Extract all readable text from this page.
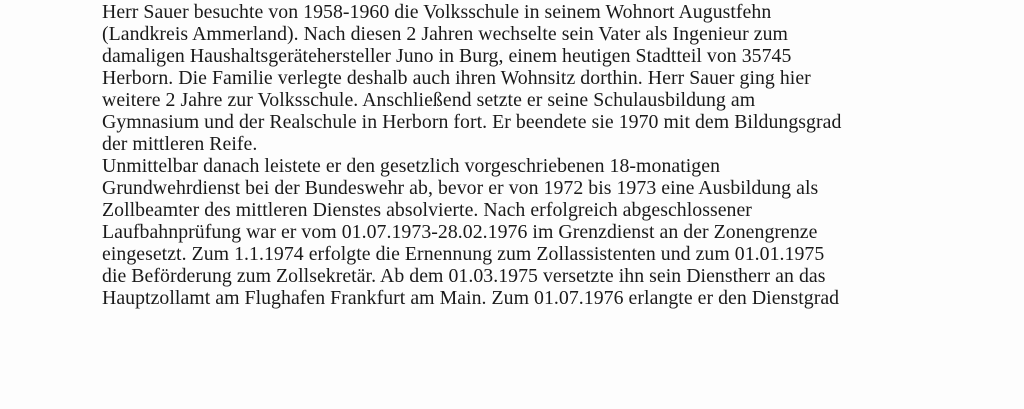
Herr Sauer besuchte von 1958-1960 die Volksschule in seinem Wohnort Augustfehn
(Landkreis Ammerland). Nach diesen 2 Jahren wechselte sein Vater als Ingenieur zum
damaligen Haushaltsgerätehersteller Juno in Burg, einem heutigen Stadtteil von 35745
Herborn. Die Familie verlegte deshalb auch ihren Wohnsitz dorthin. Herr Sauer ging hier
weitere 2 Jahre zur Volksschule. Anschließend setzte er seine Schulausbildung am
Gymnasium und der Realschule in Herborn fort. Er beendete sie 1970 mit dem Bildungsgrad
der mittleren Reife.
Unmittelbar danach leistete er den gesetzlich vorgeschriebenen 18-monatigen
Grundwehrdienst bei der Bundeswehr ab, bevor er von 1972 bis 1973 eine Ausbildung als
Zollbeamter des mittleren Dienstes absolvierte. Nach erfolgreich abgeschlossener
Laufbahnprüfung war er vom 01.07.1973-28.02.1976 im Grenzdienst an der Zonengrenze
eingesetzt. Zum 1.1.1974 erfolgte die Ernennung zum Zollassistenten und zum 01.01.1975
die Beförderung zum Zollsekretär. Ab dem 01.03.1975 versetzte ihn sein Dienstherr an das
Hauptzollamt am Flughafen Frankfurt am Main. Zum 01.07.1976 erlangte er den Dienstgrad
